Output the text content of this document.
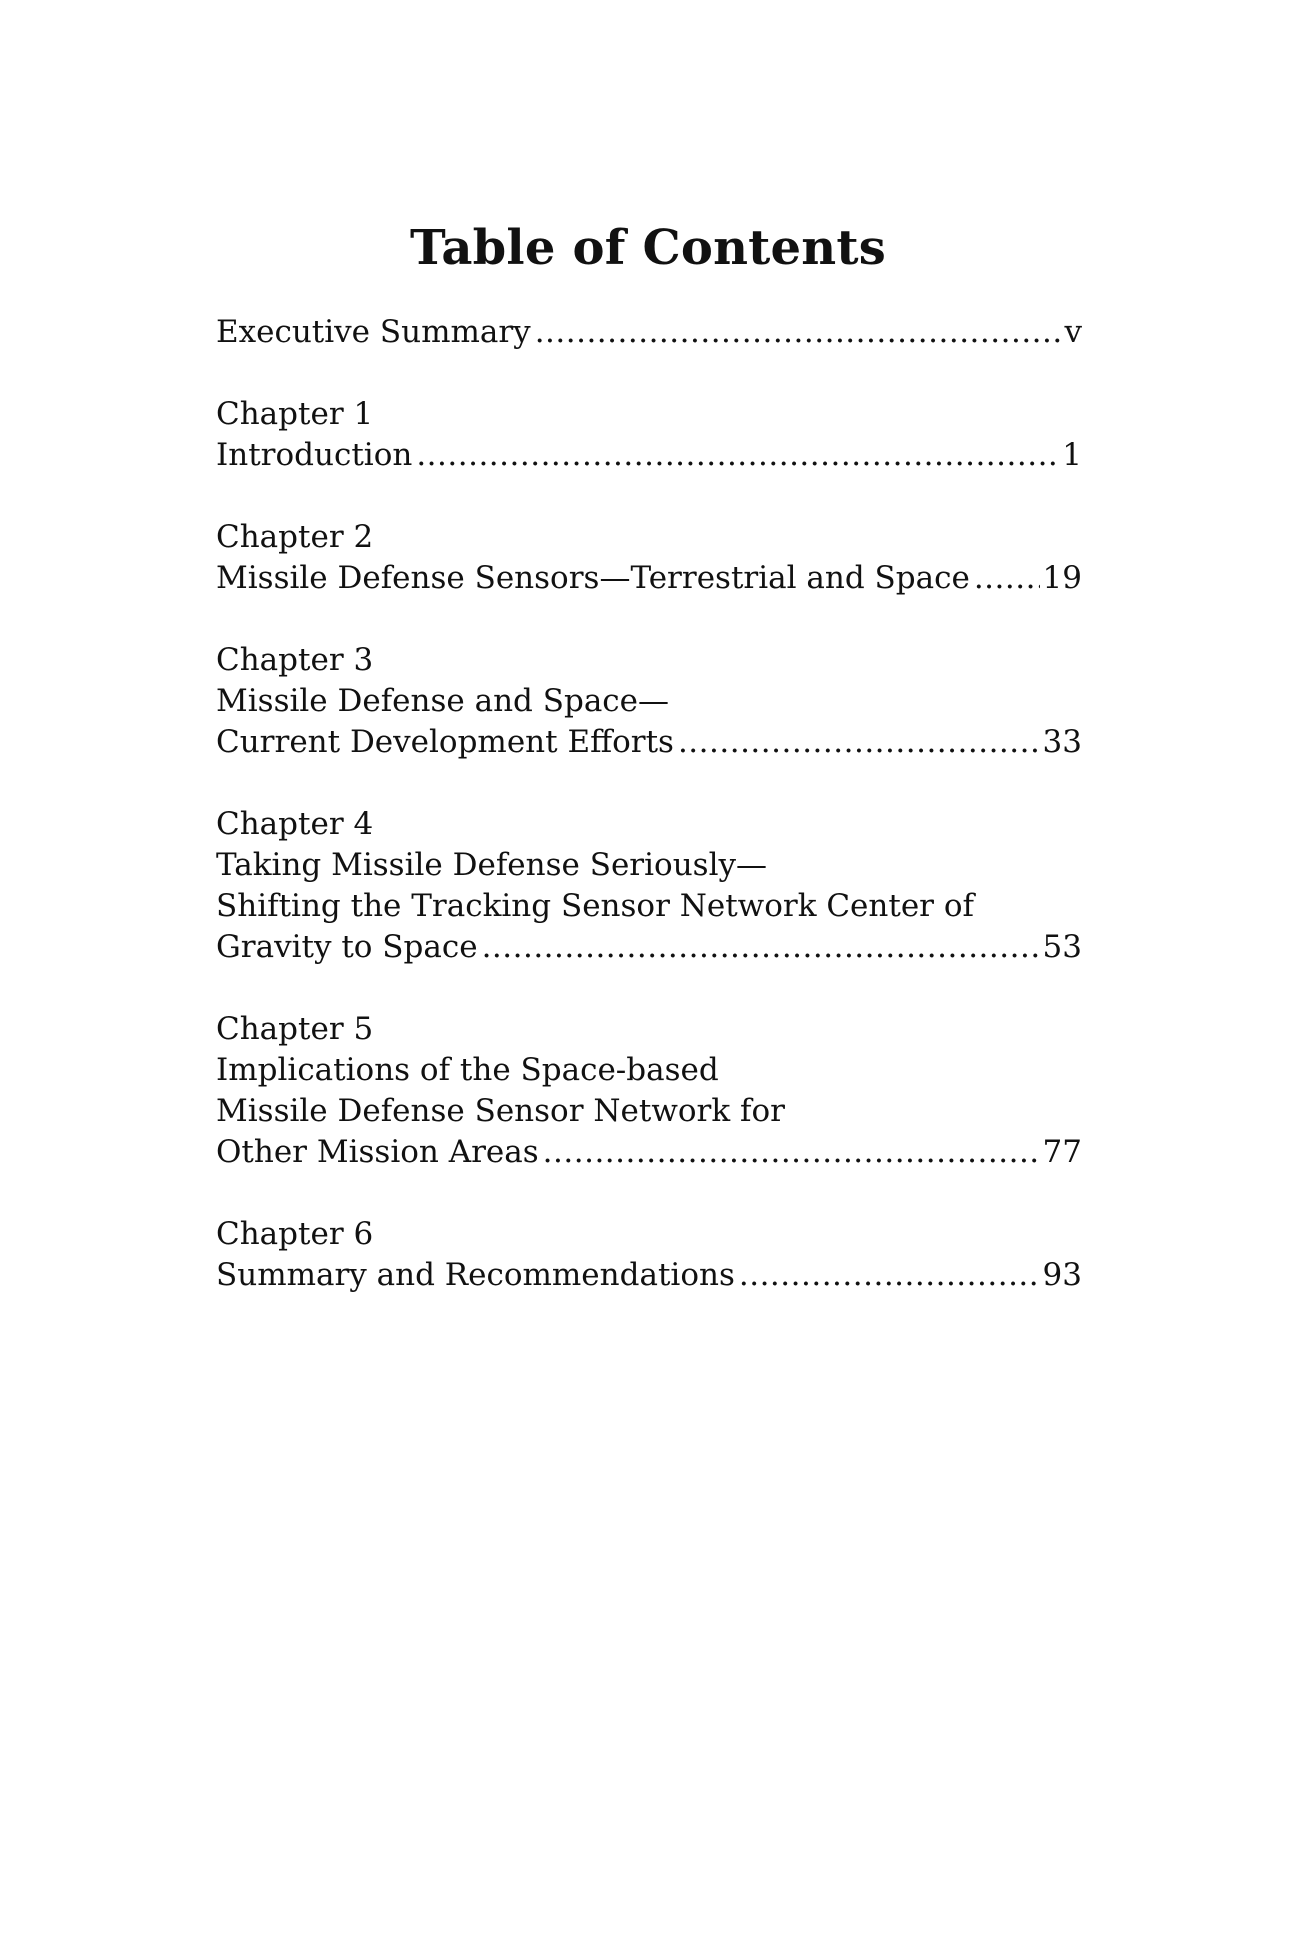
Table of Contents
Executive Summary .....	v
Chapter 1
Introduction .....	1
Chapter 2
Missile Defense Sensors—Terrestrial and Space ..... 19
Chapter 3
Missile Defense and Space—
Current Development Efforts .....	33
Chapter 4
Taking Missile Defense Seriously—
Shifting the Tracking Sensor Network Center of
Gravity to Space .....	53
Chapter 5
Implications of the Space-based
Missile Defense Sensor Network for
Other Mission Areas .....	77
Chapter 6
Summary and Recommendations .....	93
